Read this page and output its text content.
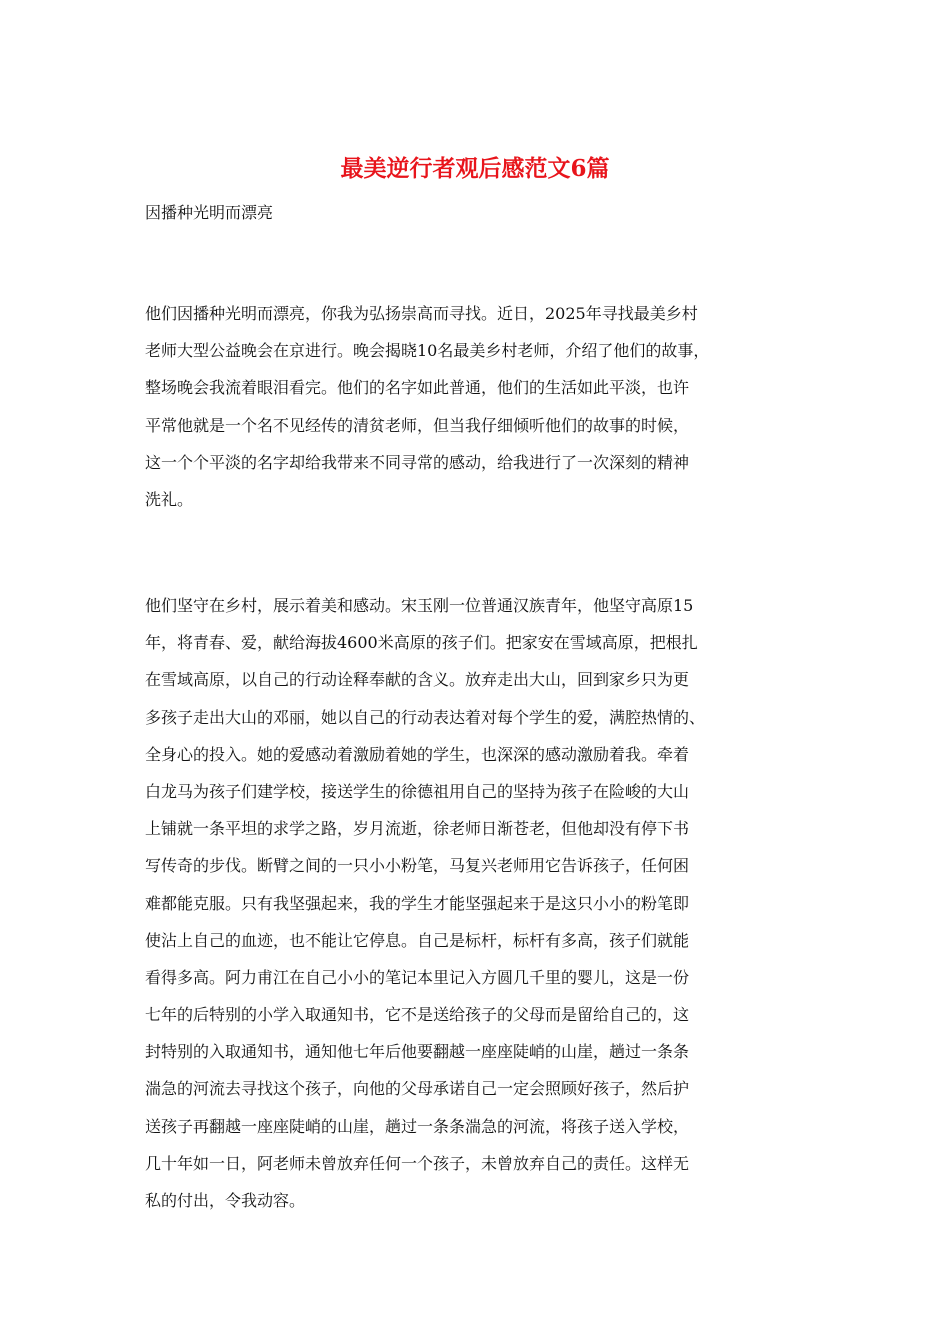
最美逆行者观后感范文6篇

因播种光明而漂亮

他们因播种光明而漂亮，你我为弘扬崇高而寻找。近日，2025年寻找最美乡村
老师大型公益晚会在京进行。晚会揭晓10名最美乡村老师，介绍了他们的故事，
整场晚会我流着眼泪看完。他们的名字如此普通，他们的生活如此平淡，也许
平常他就是一个名不见经传的清贫老师，但当我仔细倾听他们的故事的时候，
这一个个平淡的名字却给我带来不同寻常的感动，给我进行了一次深刻的精神
洗礼。
他们坚守在乡村，展示着美和感动。宋玉刚一位普通汉族青年，他坚守高原15
年，将青春、爱，献给海拔4600米高原的孩子们。把家安在雪域高原，把根扎
在雪域高原，以自己的行动诠释奉献的含义。放弃走出大山，回到家乡只为更
多孩子走出大山的邓丽，她以自己的行动表达着对每个学生的爱，满腔热情的、
全身心的投入。她的爱感动着激励着她的学生，也深深的感动激励着我。牵着
白龙马为孩子们建学校，接送学生的徐德祖用自己的坚持为孩子在险峻的大山
上铺就一条平坦的求学之路，岁月流逝，徐老师日渐苍老，但他却没有停下书
写传奇的步伐。断臂之间的一只小小粉笔，马复兴老师用它告诉孩子，任何困
难都能克服。只有我坚强起来，我的学生才能坚强起来于是这只小小的粉笔即
使沾上自己的血迹，也不能让它停息。自己是标杆，标杆有多高，孩子们就能
看得多高。阿力甫江在自己小小的笔记本里记入方圆几千里的婴儿，这是一份
七年的后特别的小学入取通知书，它不是送给孩子的父母而是留给自己的，这
封特别的入取通知书，通知他七年后他要翻越一座座陡峭的山崖，趟过一条条
湍急的河流去寻找这个孩子，向他的父母承诺自己一定会照顾好孩子，然后护
送孩子再翻越一座座陡峭的山崖，趟过一条条湍急的河流，将孩子送入学校，
几十年如一日，阿老师未曾放弃任何一个孩子，未曾放弃自己的责任。这样无
私的付出，令我动容。
